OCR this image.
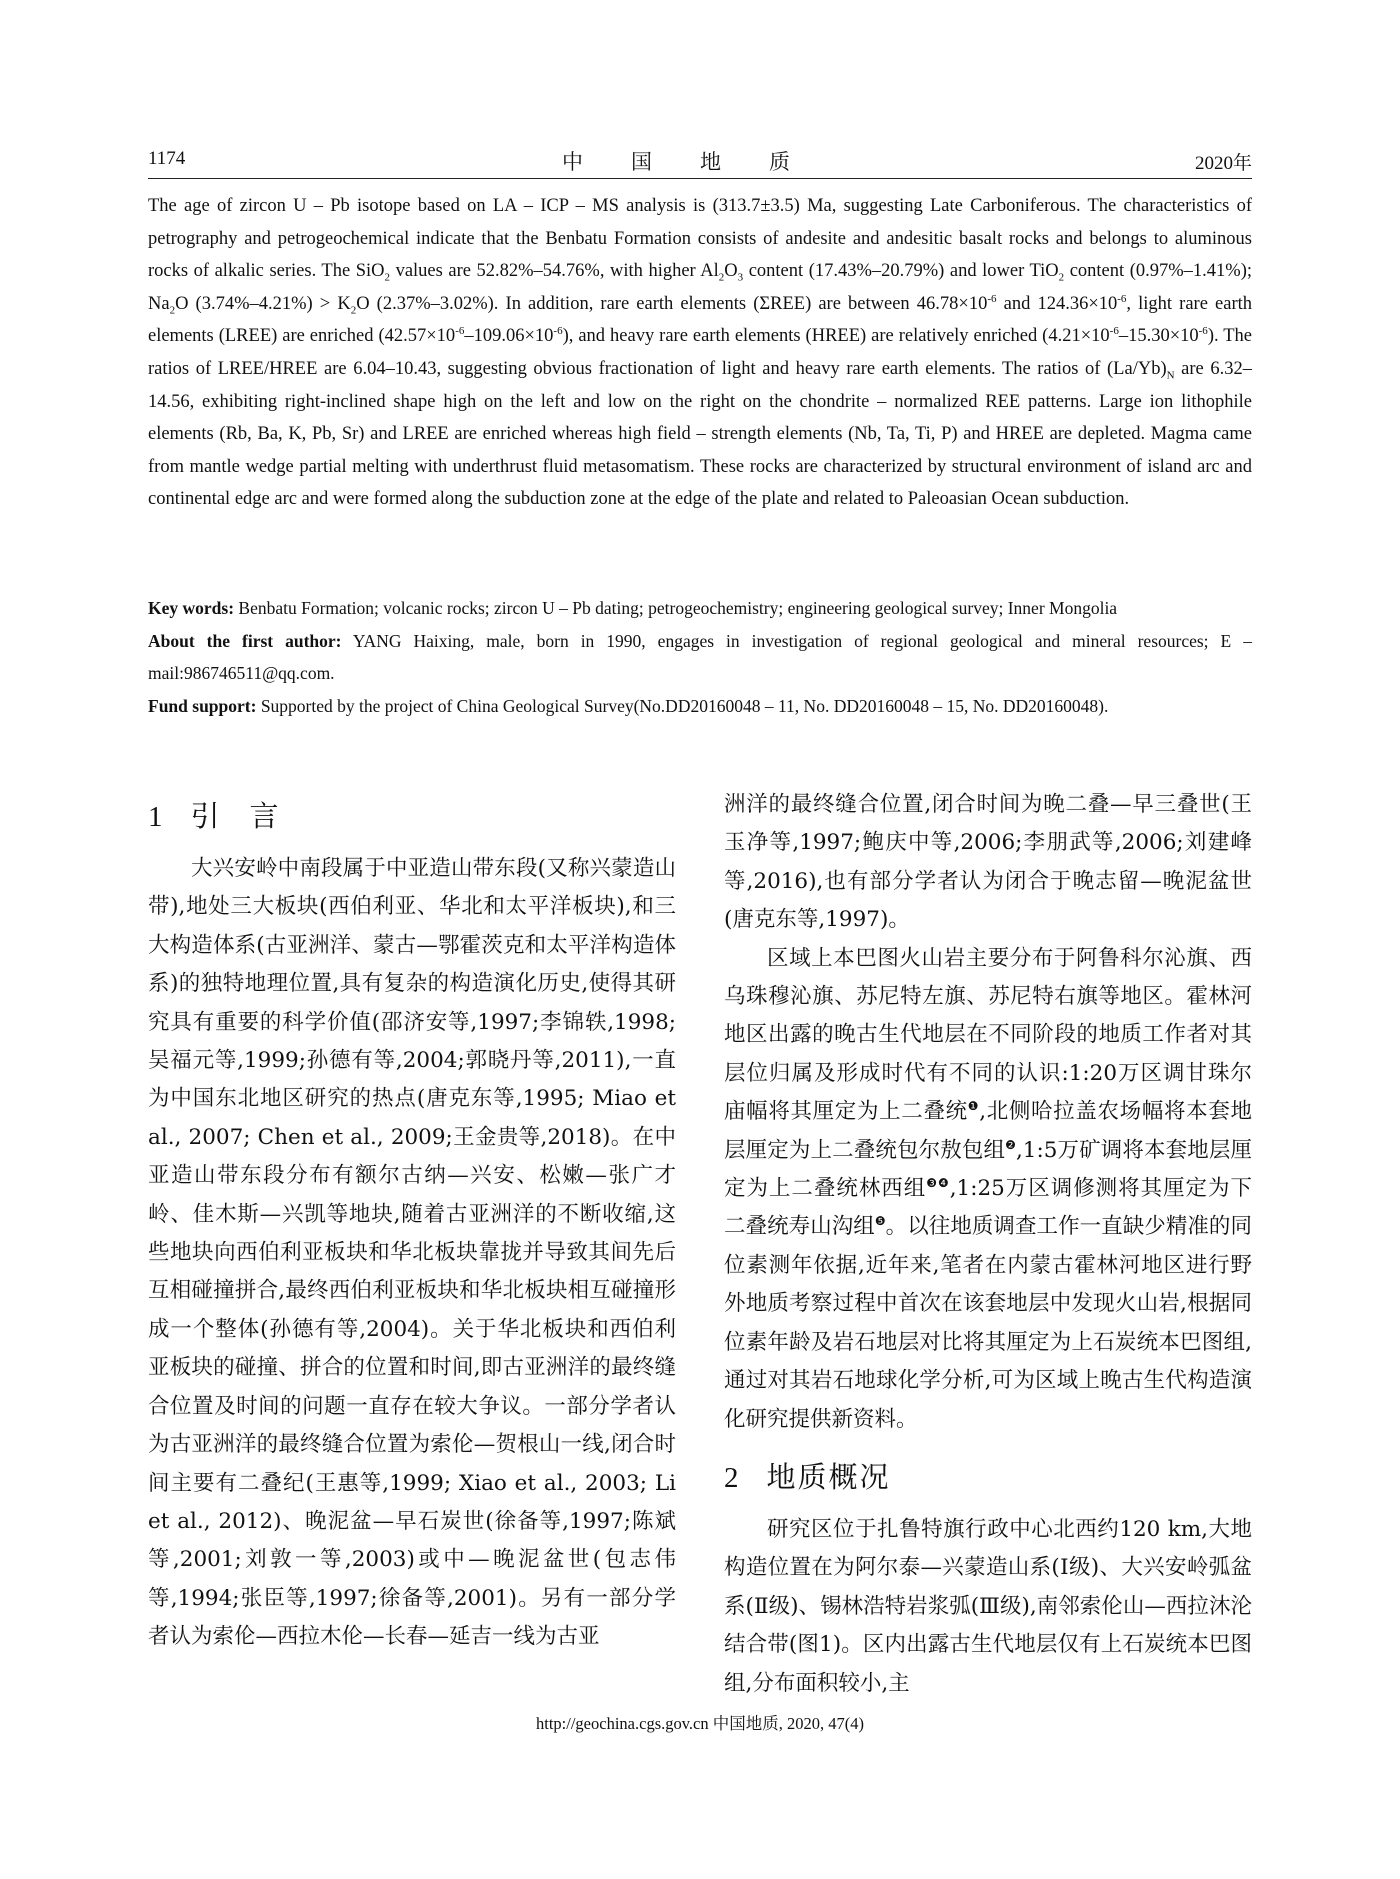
1174	中国地质	2020年

The age of zircon U – Pb isotope based on LA – ICP – MS analysis is (313.7±3.5) Ma, suggesting Late Carboniferous. The characteristics of petrography and petrogeochemical indicate that the Benbatu Formation consists of andesite and andesitic basalt rocks and belongs to aluminous rocks of alkalic series. The SiO$_2$ values are 52.82%–54.76%, with higher $Al_2O_3$ content (17.43%–20.79%) and lower TiO$_2$ content (0.97%–1.41%); $Na_2O$ $(3.74\%-4.21\%) > K_2O$ (2.37%–3.02%). In addition, rare earth elements (ΣREE) are between $46.78\times 10^{-6}$ and $124.36\times 10^{-6}$, light rare earth elements (LREE) are enriched $(42.57\times 10^{-6}-109.06\times 10^{-6})$, and heavy rare earth elements (HREE) are relatively enriched $(4.21\times 10^{-6}-15.30\times 10^{-6})$. The ratios of LREE/HREE are 6.04–10.43, suggesting obvious fractionation of light and heavy rare earth elements. The ratios of $(La/Yb)_N$ are 6.32–14.56, exhibiting right-inclined shape high on the left and low on the right on the chondrite – normalized REE patterns. Large ion lithophile elements (Rb, Ba, K, Pb, Sr) and LREE are enriched whereas high field – strength elements (Nb, Ta, Ti, P) and HREE are depleted. Magma came from mantle wedge partial melting with underthrust fluid metasomatism. These rocks are characterized by structural environment of island arc and continental edge arc and were formed along the subduction zone at the edge of the plate and related to Paleoasian Ocean subduction.

Key words: Benbatu Formation; volcanic rocks; zircon U – Pb dating; petrogeochemistry; engineering geological survey; Inner Mongolia

About the first author: YANG Haixing, male, born in 1990, engages in investigation of regional geological and mineral resources; E – mail:986746511@qq.com.

Fund support: Supported by the project of China Geological Survey(No.DD20160048 – 11, No. DD20160048 – 15, No. DD20160048).

1 引言

大兴安岭中南段属于中亚造山带东段(又称兴蒙造山带),地处三大板块(西伯利亚、华北和太平洋板块),和三大构造体系(古亚洲洋、蒙古—鄂霍茨克和太平洋构造体系)的独特地理位置,具有复杂的构造演化历史,使得其研究具有重要的科学价值(邵济安等,1997;李锦轶,1998;吴福元等,1999;孙德有等,2004;郭晓丹等,2011),一直为中国东北地区研究的热点(唐克东等,1995; Miao et al., 2007; Chen et al., 2009;王金贵等,2018)。在中亚造山带东段分布有额尔古纳—兴安、松嫩—张广才岭、佳木斯—兴凯等地块,随着古亚洲洋的不断收缩,这些地块向西伯利亚板块和华北板块靠拢并导致其间先后互相碰撞拼合,最终西伯利亚板块和华北板块相互碰撞形成一个整体(孙德有等,2004)。关于华北板块和西伯利亚板块的碰撞、拼合的位置和时间,即古亚洲洋的最终缝合位置及时间的问题一直存在较大争议。一部分学者认为古亚洲洋的最终缝合位置为索伦—贺根山一线,闭合时间主要有二叠纪(王惠等,1999; Xiao et al., 2003; Li et al., 2012)、晚泥盆—早石炭世(徐备等,1997;陈斌等,2001;刘敦一等,2003)或中—晚泥盆世(包志伟等,1994;张臣等,1997;徐备等,2001)。另有一部分学者认为索伦—西拉木伦—长春—延吉一线为古亚

洲洋的最终缝合位置,闭合时间为晚二叠—早三叠世(王玉净等,1997;鲍庆中等,2006;李朋武等,2006;刘建峰等,2016),也有部分学者认为闭合于晚志留—晚泥盆世(唐克东等,1997)。

区域上本巴图火山岩主要分布于阿鲁科尔沁旗、西乌珠穆沁旗、苏尼特左旗、苏尼特右旗等地区。霍林河地区出露的晚古生代地层在不同阶段的地质工作者对其层位归属及形成时代有不同的认识:1:20万区调甘珠尔庙幅将其厘定为上二叠统$^❶$,北侧哈拉盖农场幅将本套地层厘定为上二叠统包尔敖包组$^❷$,1:5万矿调将本套地层厘定为上二叠统林西组$^{❸❹}$,1:25万区调修测将其厘定为下二叠统寿山沟组$^❺$。以往地质调查工作一直缺少精准的同位素测年依据,近年来,笔者在内蒙古霍林河地区进行野外地质考察过程中首次在该套地层中发现火山岩,根据同位素年龄及岩石地层对比将其厘定为上石炭统本巴图组,通过对其岩石地球化学分析,可为区域上晚古生代构造演化研究提供新资料。

2 地质概况

研究区位于扎鲁特旗行政中心北西约120 km,大地构造位置在为阿尔泰—兴蒙造山系(Ⅰ级)、大兴安岭弧盆系(Ⅱ级)、锡林浩特岩浆弧(Ⅲ级),南邻索伦山—西拉沐沦结合带(图1)。区内出露古生代地层仅有上石炭统本巴图组,分布面积较小,主

http://geochina.cgs.gov.cn 中国地质, 2020, 47(4)
